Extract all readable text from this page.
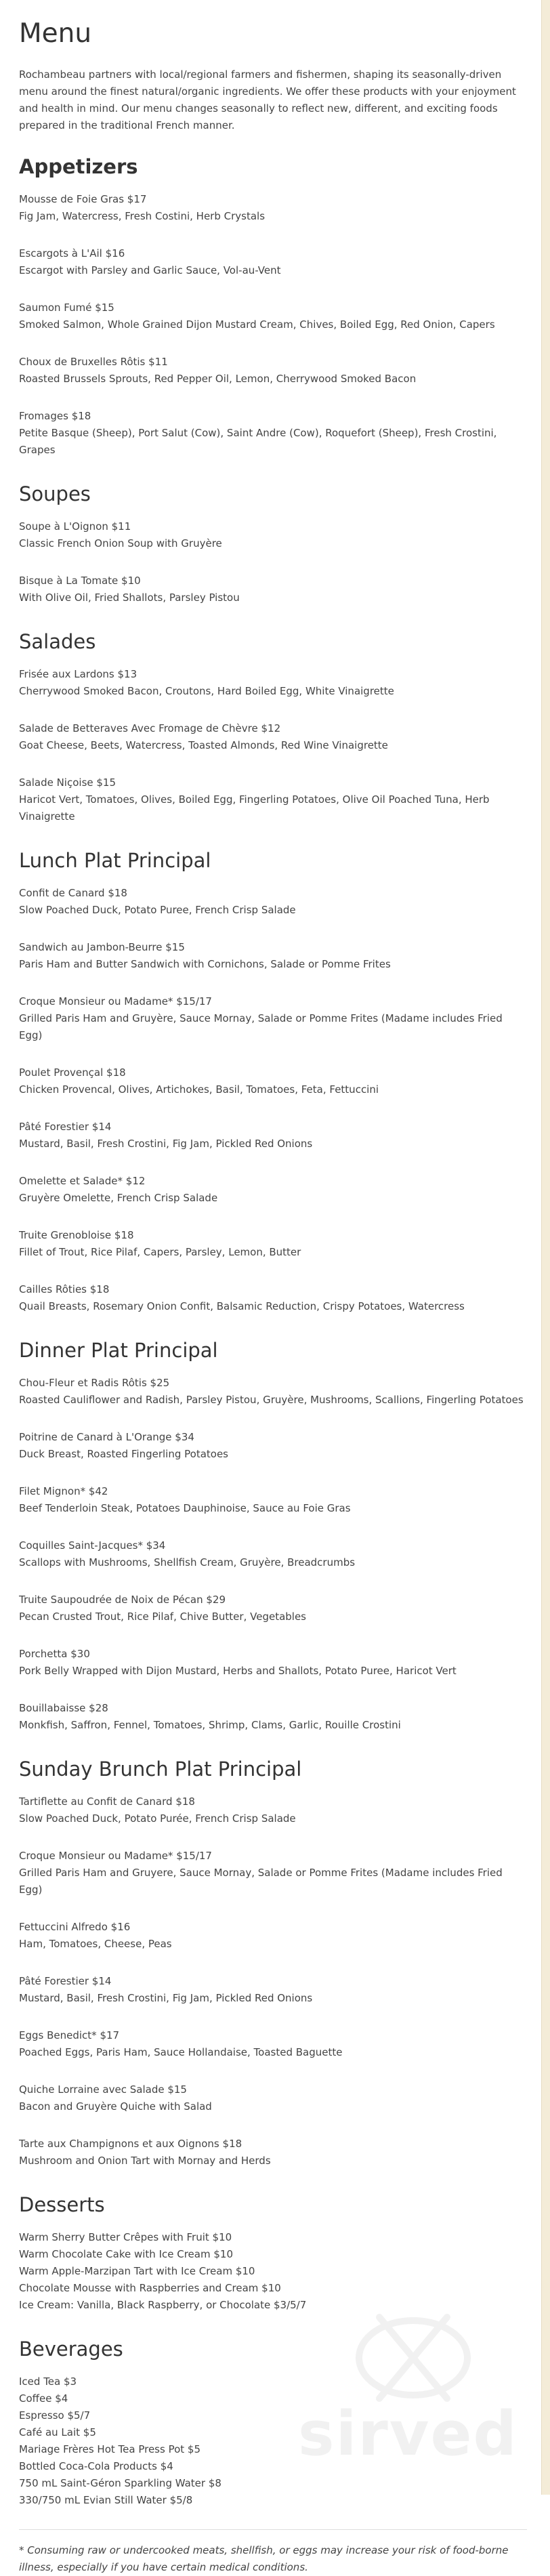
Menu

Rochambeau partners with local/regional farmers and fishermen, shaping its seasonally-driven menu around the finest natural/organic ingredients. We offer these products with your enjoyment and health in mind. Our menu changes seasonally to reflect new, different, and exciting foods prepared in the traditional French manner.

Appetizers
Mousse de Foie Gras $17
Fig Jam, Watercress, Fresh Costini, Herb Crystals
Escargots à L'Ail $16
Escargot with Parsley and Garlic Sauce, Vol-au-Vent
Saumon Fumé $15
Smoked Salmon, Whole Grained Dijon Mustard Cream, Chives, Boiled Egg, Red Onion, Capers
Choux de Bruxelles Rôtis $11
Roasted Brussels Sprouts, Red Pepper Oil, Lemon, Cherrywood Smoked Bacon
Fromages $18
Petite Basque (Sheep), Port Salut (Cow), Saint Andre (Cow), Roquefort (Sheep), Fresh Crostini, Grapes
Soupes
Soupe à L'Oignon $11
Classic French Onion Soup with Gruyère
Bisque à La Tomate $10
With Olive Oil, Fried Shallots, Parsley Pistou
Salades
Frisée aux Lardons $13
Cherrywood Smoked Bacon, Croutons, Hard Boiled Egg, White Vinaigrette
Salade de Betteraves Avec Fromage de Chèvre $12
Goat Cheese, Beets, Watercress, Toasted Almonds, Red Wine Vinaigrette
Salade Niçoise $15
Haricot Vert, Tomatoes, Olives, Boiled Egg, Fingerling Potatoes, Olive Oil Poached Tuna, Herb Vinaigrette
Lunch Plat Principal
Confit de Canard $18
Slow Poached Duck, Potato Puree, French Crisp Salade
Sandwich au Jambon-Beurre $15
Paris Ham and Butter Sandwich with Cornichons, Salade or Pomme Frites
Croque Monsieur ou Madame* $15/17
Grilled Paris Ham and Gruyère, Sauce Mornay, Salade or Pomme Frites (Madame includes Fried Egg)
Poulet Provençal $18
Chicken Provencal, Olives, Artichokes, Basil, Tomatoes, Feta, Fettuccini
Pâté Forestier $14
Mustard, Basil, Fresh Crostini, Fig Jam, Pickled Red Onions
Omelette et Salade* $12
Gruyère Omelette, French Crisp Salade
Truite Grenobloise $18
Fillet of Trout, Rice Pilaf, Capers, Parsley, Lemon, Butter
Cailles Rôties $18
Quail Breasts, Rosemary Onion Confit, Balsamic Reduction, Crispy Potatoes, Watercress
Dinner Plat Principal
Chou-Fleur et Radis Rôtis $25
Roasted Cauliflower and Radish, Parsley Pistou, Gruyère, Mushrooms, Scallions, Fingerling Potatoes
Poitrine de Canard à L'Orange $34
Duck Breast, Roasted Fingerling Potatoes
Filet Mignon* $42
Beef Tenderloin Steak, Potatoes Dauphinoise, Sauce au Foie Gras
Coquilles Saint-Jacques* $34
Scallops with Mushrooms, Shellfish Cream, Gruyère, Breadcrumbs
Truite Saupoudrée de Noix de Pécan $29
Pecan Crusted Trout, Rice Pilaf, Chive Butter, Vegetables
Porchetta $30
Pork Belly Wrapped with Dijon Mustard, Herbs and Shallots, Potato Puree, Haricot Vert
Bouillabaisse $28
Monkfish, Saffron, Fennel, Tomatoes, Shrimp, Clams, Garlic, Rouille Crostini
Sunday Brunch Plat Principal
Tartiflette au Confit de Canard $18
Slow Poached Duck, Potato Purée, French Crisp Salade
Croque Monsieur ou Madame* $15/17
Grilled Paris Ham and Gruyere, Sauce Mornay, Salade or Pomme Frites (Madame includes Fried Egg)
Fettuccini Alfredo $16
Ham, Tomatoes, Cheese, Peas
Pâté Forestier $14
Mustard, Basil, Fresh Crostini, Fig Jam, Pickled Red Onions
Eggs Benedict* $17
Poached Eggs, Paris Ham, Sauce Hollandaise, Toasted Baguette
Quiche Lorraine avec Salade $15
Bacon and Gruyère Quiche with Salad
Tarte aux Champignons et aux Oignons $18
Mushroom and Onion Tart with Mornay and Herds
Desserts
Warm Sherry Butter Crêpes with Fruit $10
Warm Chocolate Cake with Ice Cream $10
Warm Apple-Marzipan Tart with Ice Cream $10
Chocolate Mousse with Raspberries and Cream $10
Ice Cream: Vanilla, Black Raspberry, or Chocolate $3/5/7
Beverages
Iced Tea $3
Coffee $4
Espresso $5/7
Café au Lait $5
Mariage Frères Hot Tea Press Pot $5
Bottled Coca-Cola Products $4
750 mL Saint-Géron Sparkling Water $8
330/750 mL Evian Still Water $5/8
* Consuming raw or undercooked meats, shellfish, or eggs may increase your risk of food-borne illness, especially if you have certain medical conditions.
sirved
